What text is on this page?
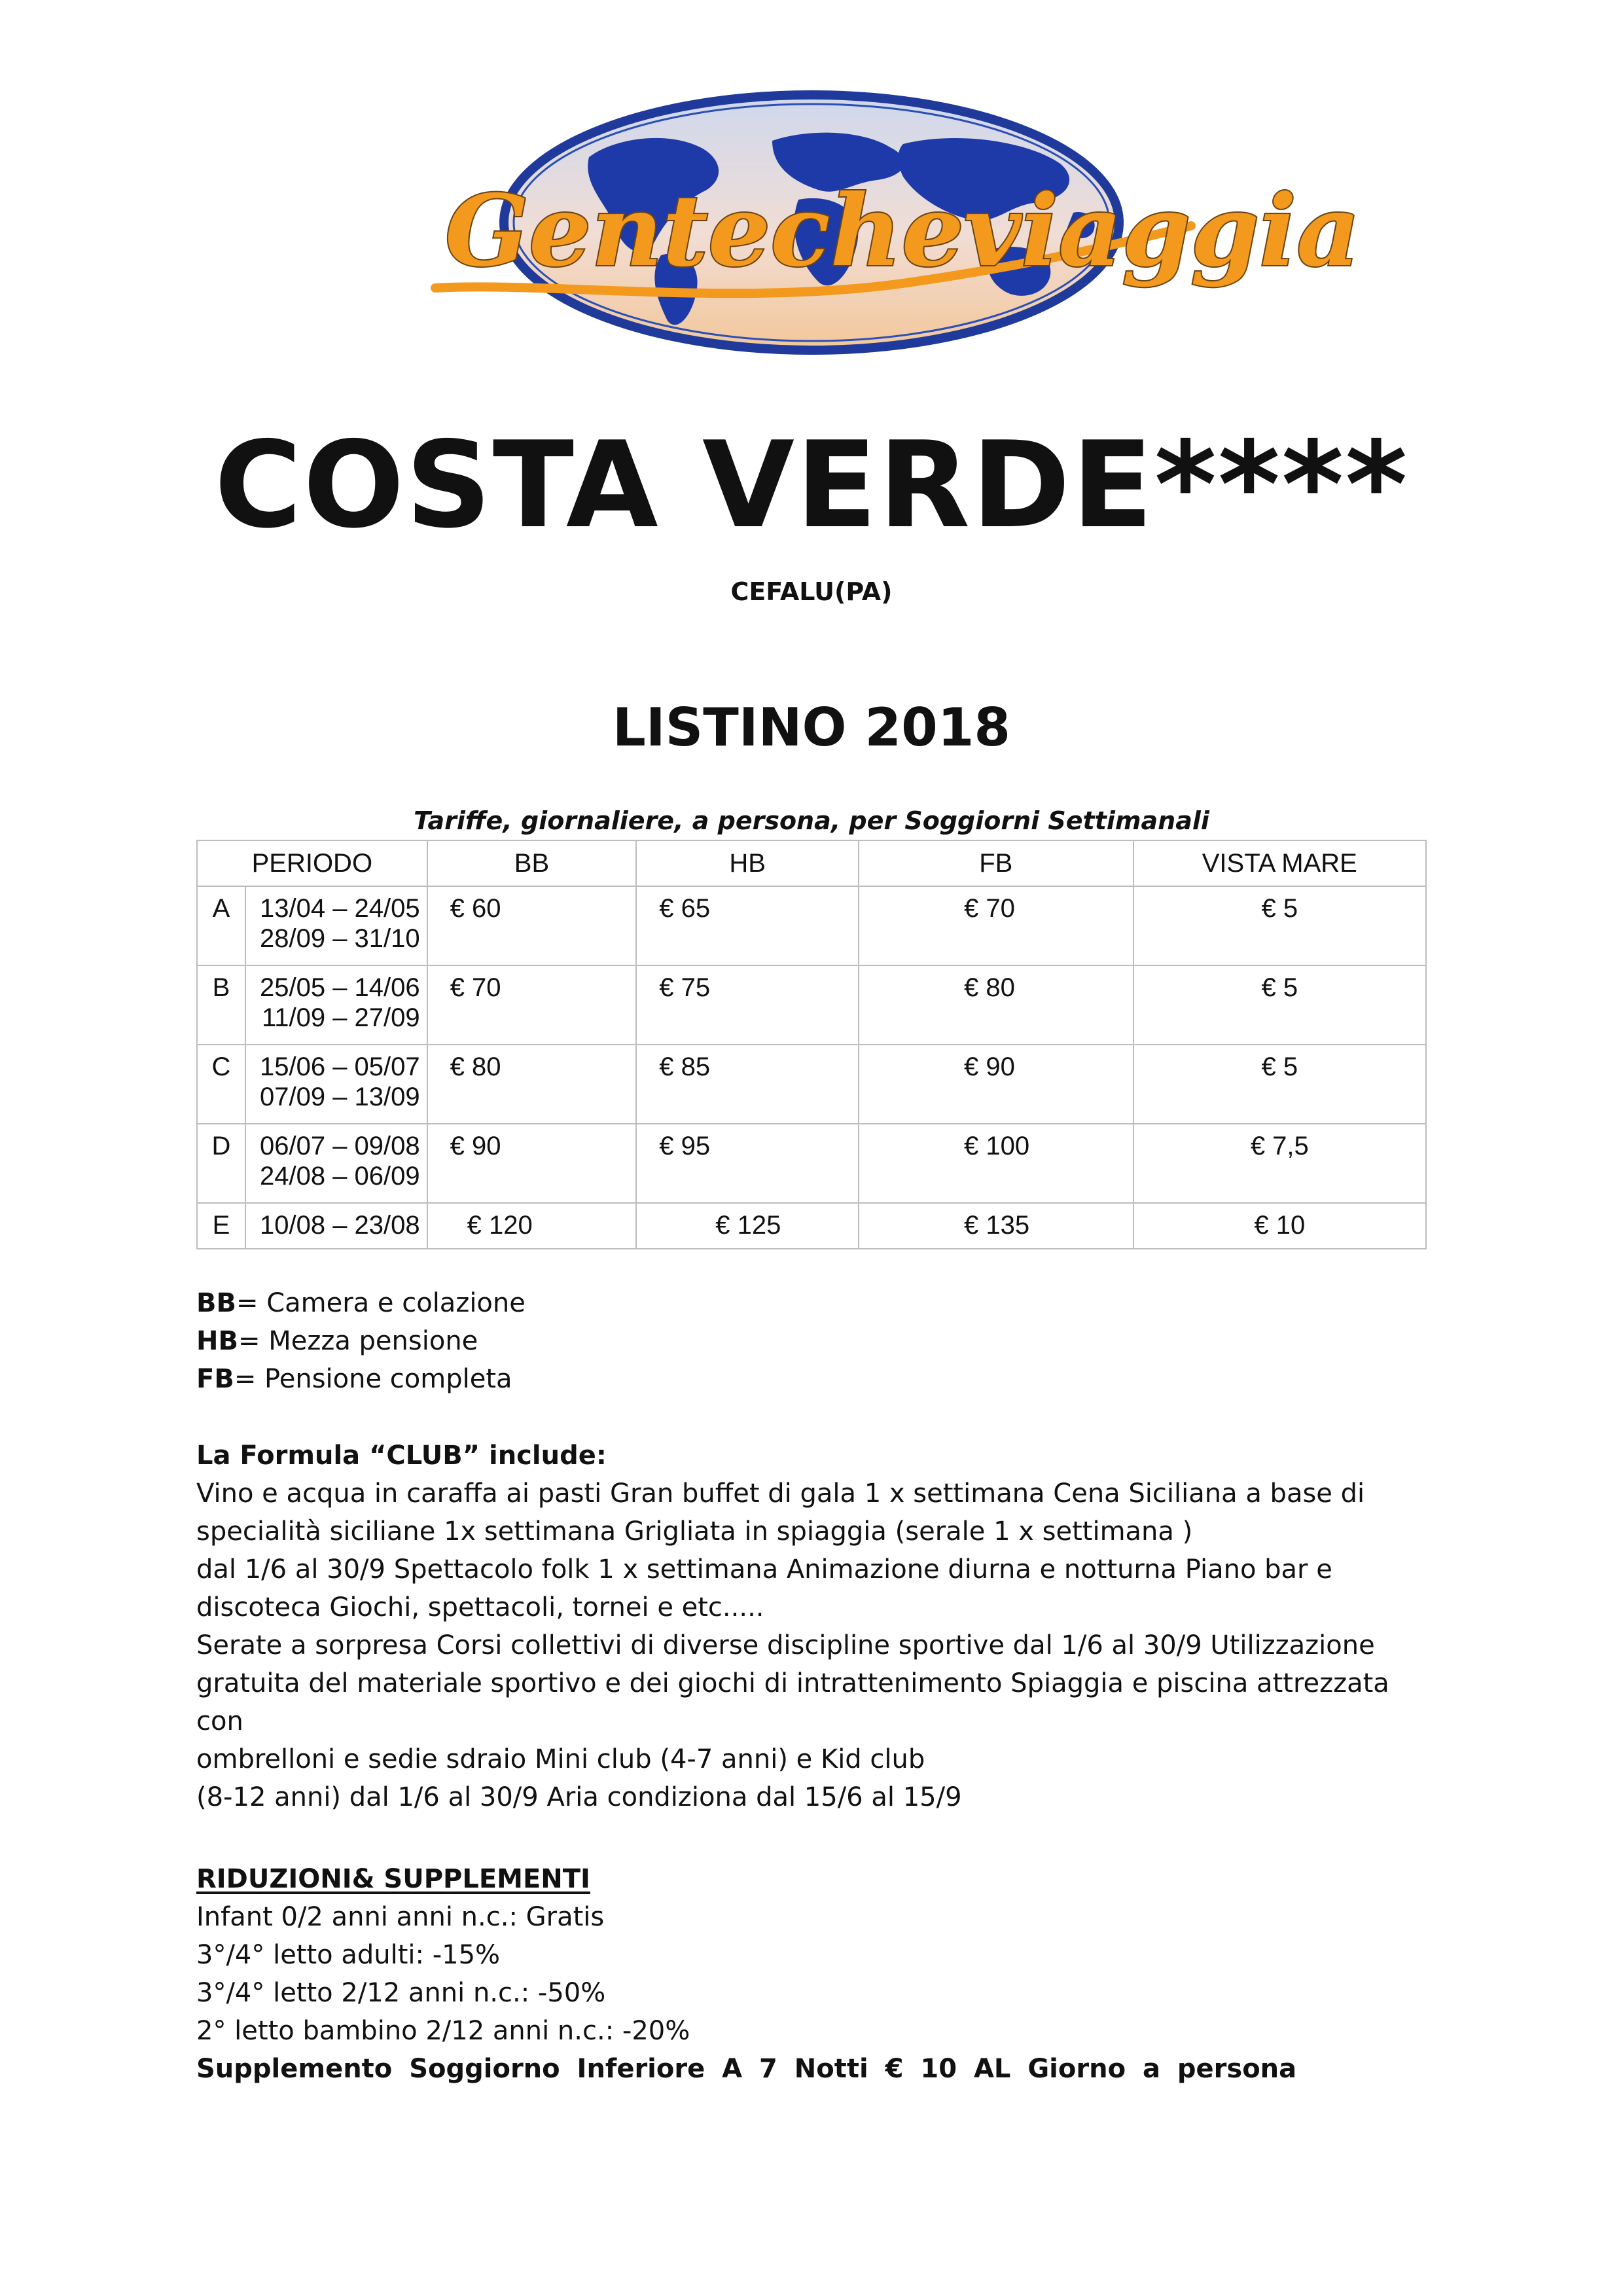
Gentecheviaggia
COSTA VERDE****
CEFALU(PA)
LISTINO 2018
Tariffe, giornaliere, a persona, per Soggiorni Settimanali
PERIODO		BB	HB	FB	VISTA MARE
A	13/04 – 24/05
28/09 – 31/10	€ 60	€ 65	€ 70	€ 5
B	25/05 – 14/06
11/09 – 27/09	€ 70	€ 75	€ 80	€ 5
C	15/06 – 05/07
07/09 – 13/09	€ 80	€ 85	€ 90	€ 5
D	06/07 – 09/08
24/08 – 06/09	€ 90	€ 95	€ 100	€ 7,5
E	10/08 – 23/08	€ 120	€ 125	€ 135	€ 10
BB= Camera e colazione
HB= Mezza pensione
FB= Pensione completa
La Formula “CLUB” include:

Vino e acqua in caraffa ai pasti Gran buffet di gala 1 x settimana Cena Siciliana a base di

specialità siciliane 1x settimana Grigliata in spiaggia (serale 1 x settimana )

dal 1/6 al 30/9 Spettacolo folk 1 x settimana Animazione diurna e notturna Piano bar e

discoteca Giochi, spettacoli, tornei e etc.....

Serate a sorpresa Corsi collettivi di diverse discipline sportive dal 1/6 al 30/9 Utilizzazione

gratuita del materiale sportivo e dei giochi di intrattenimento Spiaggia e piscina attrezzata con

ombrelloni e sedie sdraio Mini club (4-7 anni) e Kid club

(8-12 anni) dal 1/6 al 30/9 Aria condiziona dal 15/6 al 15/9

RIDUZIONI& SUPPLEMENTI
Infant 0/2 anni anni n.c.: Gratis
3°/4° letto adulti: -15%
3°/4° letto 2/12 anni n.c.: -50%
2° letto bambino 2/12 anni n.c.: -20%
Supplemento Soggiorno Inferiore A 7 Notti € 10 AL Giorno a persona
